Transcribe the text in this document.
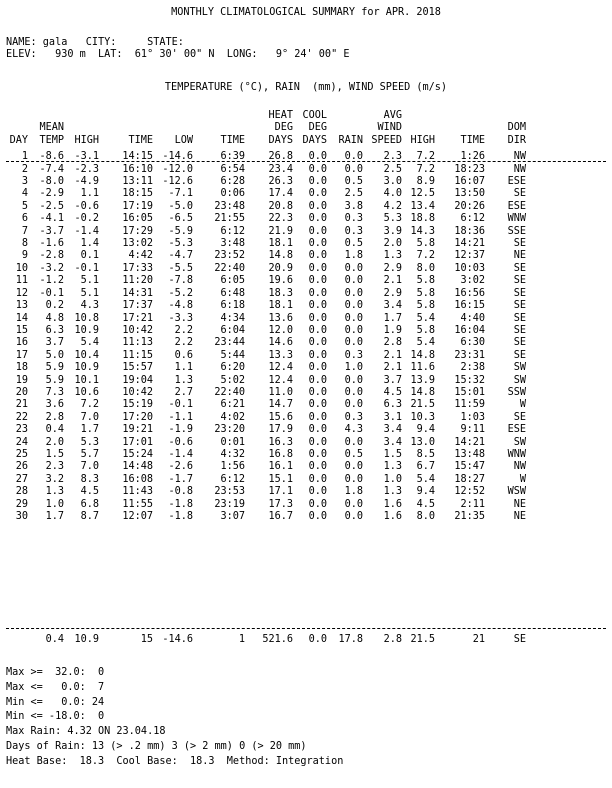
MONTHLY CLIMATOLOGICAL SUMMARY for APR. 2018
NAME: gala   CITY:     STATE:
ELEV:   930 m  LAT:  61° 30' 00" N  LONG:   9° 24' 00" E
TEMPERATURE (°C), RAIN  (mm), WIND SPEED (m/s)
						HEAT	COOL		AVG			
	MEAN					DEG	DEG		WIND			DOM
DAY	TEMP	HIGH	TIME	LOW	TIME	DAYS	DAYS	RAIN	SPEED	HIGH	TIME	DIR

1	-8.6	-3.1	14:15	-14.6	6:39	26.8	0.0	0.0	2.3	7.2	1:26	NW
2	-7.4	-2.3	16:10	-12.0	6:54	23.4	0.0	0.0	2.5	7.2	18:23	NW
3	-8.0	-4.9	13:11	-12.6	6:28	26.3	0.0	0.5	3.0	8.9	16:07	ESE
4	-2.9	1.1	18:15	-7.1	0:06	17.4	0.0	2.5	4.0	12.5	13:50	SE
5	-2.5	-0.6	17:19	-5.0	23:48	20.8	0.0	3.8	4.2	13.4	20:26	ESE
6	-4.1	-0.2	16:05	-6.5	21:55	22.3	0.0	0.3	5.3	18.8	6:12	WNW
7	-3.7	-1.4	17:29	-5.9	6:12	21.9	0.0	0.3	3.9	14.3	18:36	SSE
8	-1.6	1.4	13:02	-5.3	3:48	18.1	0.0	0.5	2.0	5.8	14:21	SE
9	-2.8	0.1	4:42	-4.7	23:52	14.8	0.0	1.8	1.3	7.2	12:37	NE
10	-3.2	-0.1	17:33	-5.5	22:40	20.9	0.0	0.0	2.9	8.0	10:03	SE
11	-1.2	5.1	11:20	-7.8	6:05	19.6	0.0	0.0	2.1	5.8	3:02	SE
12	-0.1	5.1	14:31	-5.2	6:48	18.3	0.0	0.0	2.9	5.8	16:56	SE
13	0.2	4.3	17:37	-4.8	6:18	18.1	0.0	0.0	3.4	5.8	16:15	SE
14	4.8	10.8	17:21	-3.3	4:34	13.6	0.0	0.0	1.7	5.4	4:40	SE
15	6.3	10.9	10:42	2.2	6:04	12.0	0.0	0.0	1.9	5.8	16:04	SE
16	3.7	5.4	11:13	2.2	23:44	14.6	0.0	0.0	2.8	5.4	6:30	SE
17	5.0	10.4	11:15	0.6	5:44	13.3	0.0	0.3	2.1	14.8	23:31	SE
18	5.9	10.9	15:57	1.1	6:20	12.4	0.0	1.0	2.1	11.6	2:38	SW
19	5.9	10.1	19:04	1.3	5:02	12.4	0.0	0.0	3.7	13.9	15:32	SW
20	7.3	10.6	10:42	2.7	22:40	11.0	0.0	0.0	4.5	14.8	15:01	SSW
21	3.6	7.2	15:19	-0.1	6:21	14.7	0.0	0.0	6.3	21.5	11:59	W
22	2.8	7.0	17:20	-1.1	4:02	15.6	0.0	0.3	3.1	10.3	1:03	SE
23	0.4	1.7	19:21	-1.9	23:20	17.9	0.0	4.3	3.4	9.4	9:11	ESE
24	2.0	5.3	17:01	-0.6	0:01	16.3	0.0	0.0	3.4	13.0	14:21	SW
25	1.5	5.7	15:24	-1.4	4:32	16.8	0.0	0.5	1.5	8.5	13:48	WNW
26	2.3	7.0	14:48	-2.6	1:56	16.1	0.0	0.0	1.3	6.7	15:47	NW
27	3.2	8.3	16:08	-1.7	6:12	15.1	0.0	0.0	1.0	5.4	18:27	W
28	1.3	4.5	11:43	-0.8	23:53	17.1	0.0	1.8	1.3	9.4	12:52	WSW
29	1.0	6.8	11:55	-1.8	23:19	17.3	0.0	0.0	1.6	4.5	2:11	NE
30	1.7	8.7	12:07	-1.8	3:07	16.7	0.0	0.0	1.6	8.0	21:35	NE
	0.4	10.9	15	-14.6	1	521.6	0.0	17.8	2.8	21.5	21	SE
Max >=  32.0:  0
Max <=   0.0:  7
Min <=   0.0: 24
Min <= -18.0:  0
Max Rain: 4.32 ON 23.04.18
Days of Rain: 13 (> .2 mm) 3 (> 2 mm) 0 (> 20 mm)
Heat Base:  18.3  Cool Base:  18.3  Method: Integration
